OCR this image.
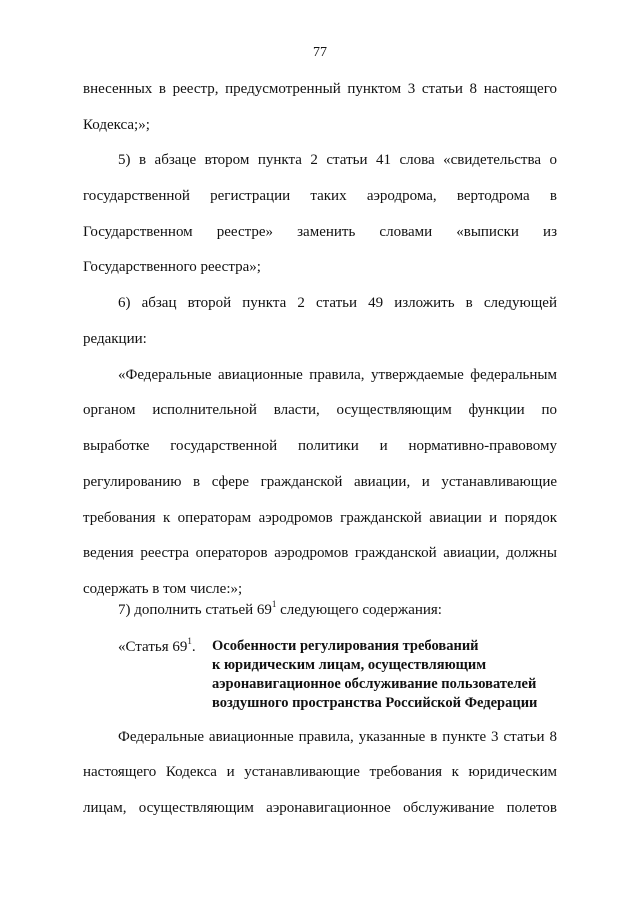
77
внесенных в реестр, предусмотренный пунктом 3 статьи 8 настоящего
Кодекса;»;
5) в абзаце втором пункта 2 статьи 41 слова «свидетельства о
государственной регистрации таких аэродрома, вертодрома в
Государственном реестре» заменить словами «выписки из
Государственного реестра»;
6) абзац второй пункта 2 статьи 49 изложить в следующей
редакции:
«Федеральные авиационные правила, утверждаемые федеральным
органом исполнительной власти, осуществляющим функции по
выработке государственной политики и нормативно-правовому
регулированию в сфере гражданской авиации, и устанавливающие
требования к операторам аэродромов гражданской авиации и порядок
ведения реестра операторов аэродромов гражданской авиации, должны
содержать в том числе:»;
7) дополнить статьей $69^1$ следующего содержания:
«Статья $69^1$. Особенности регулирования требований
к юридическим лицам, осуществляющим
аэронавигационное обслуживание пользователей
воздушного пространства Российской Федерации
Федеральные авиационные правила, указанные в пункте 3 статьи 8
настоящего Кодекса и устанавливающие требования к юридическим
лицам, осуществляющим аэронавигационное обслуживание полетов
